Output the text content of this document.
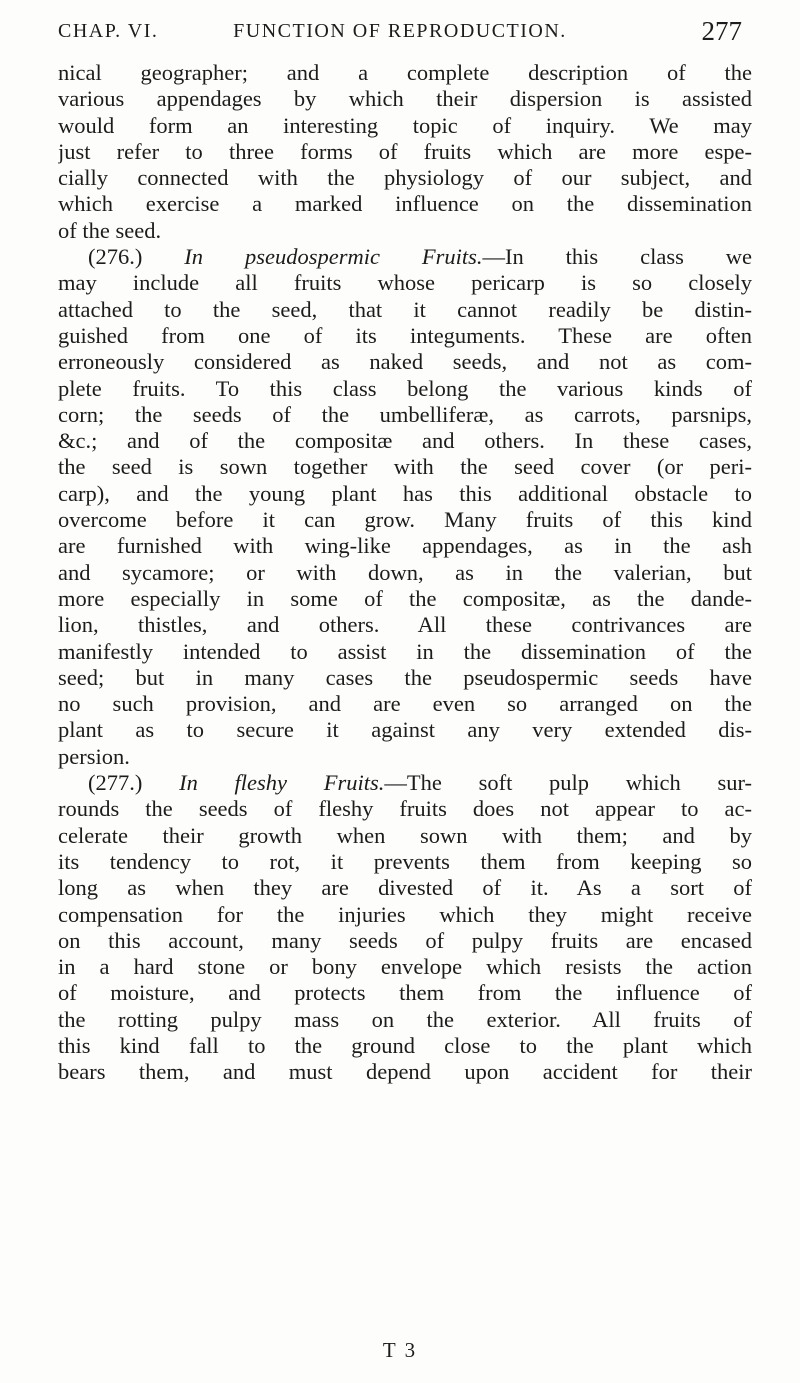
CHAP. VI.	FUNCTION OF REPRODUCTION.	277
nical geographer; and a complete description of the
various appendages by which their dispersion is assisted
would form an interesting topic of inquiry. We may
just refer to three forms of fruits which are more espe-
cially connected with the physiology of our subject, and
which exercise a marked influence on the dissemination
of the seed.
(276.) In pseudospermic Fruits.—In this class we
may include all fruits whose pericarp is so closely
attached to the seed, that it cannot readily be distin-
guished from one of its integuments. These are often
erroneously considered as naked seeds, and not as com-
plete fruits. To this class belong the various kinds of
corn; the seeds of the umbelliferæ, as carrots, parsnips,
&c.; and of the compositæ and others. In these cases,
the seed is sown together with the seed cover (or peri-
carp), and the young plant has this additional obstacle to
overcome before it can grow. Many fruits of this kind
are furnished with wing-like appendages, as in the ash
and sycamore; or with down, as in the valerian, but
more especially in some of the compositæ, as the dande-
lion, thistles, and others. All these contrivances are
manifestly intended to assist in the dissemination of the
seed; but in many cases the pseudospermic seeds have
no such provision, and are even so arranged on the
plant as to secure it against any very extended dis-
persion.
(277.) In fleshy Fruits.—The soft pulp which sur-
rounds the seeds of fleshy fruits does not appear to ac-
celerate their growth when sown with them; and by
its tendency to rot, it prevents them from keeping so
long as when they are divested of it. As a sort of
compensation for the injuries which they might receive
on this account, many seeds of pulpy fruits are encased
in a hard stone or bony envelope which resists the action
of moisture, and protects them from the influence of
the rotting pulpy mass on the exterior. All fruits of
this kind fall to the ground close to the plant which
bears them, and must depend upon accident for their
T 3
